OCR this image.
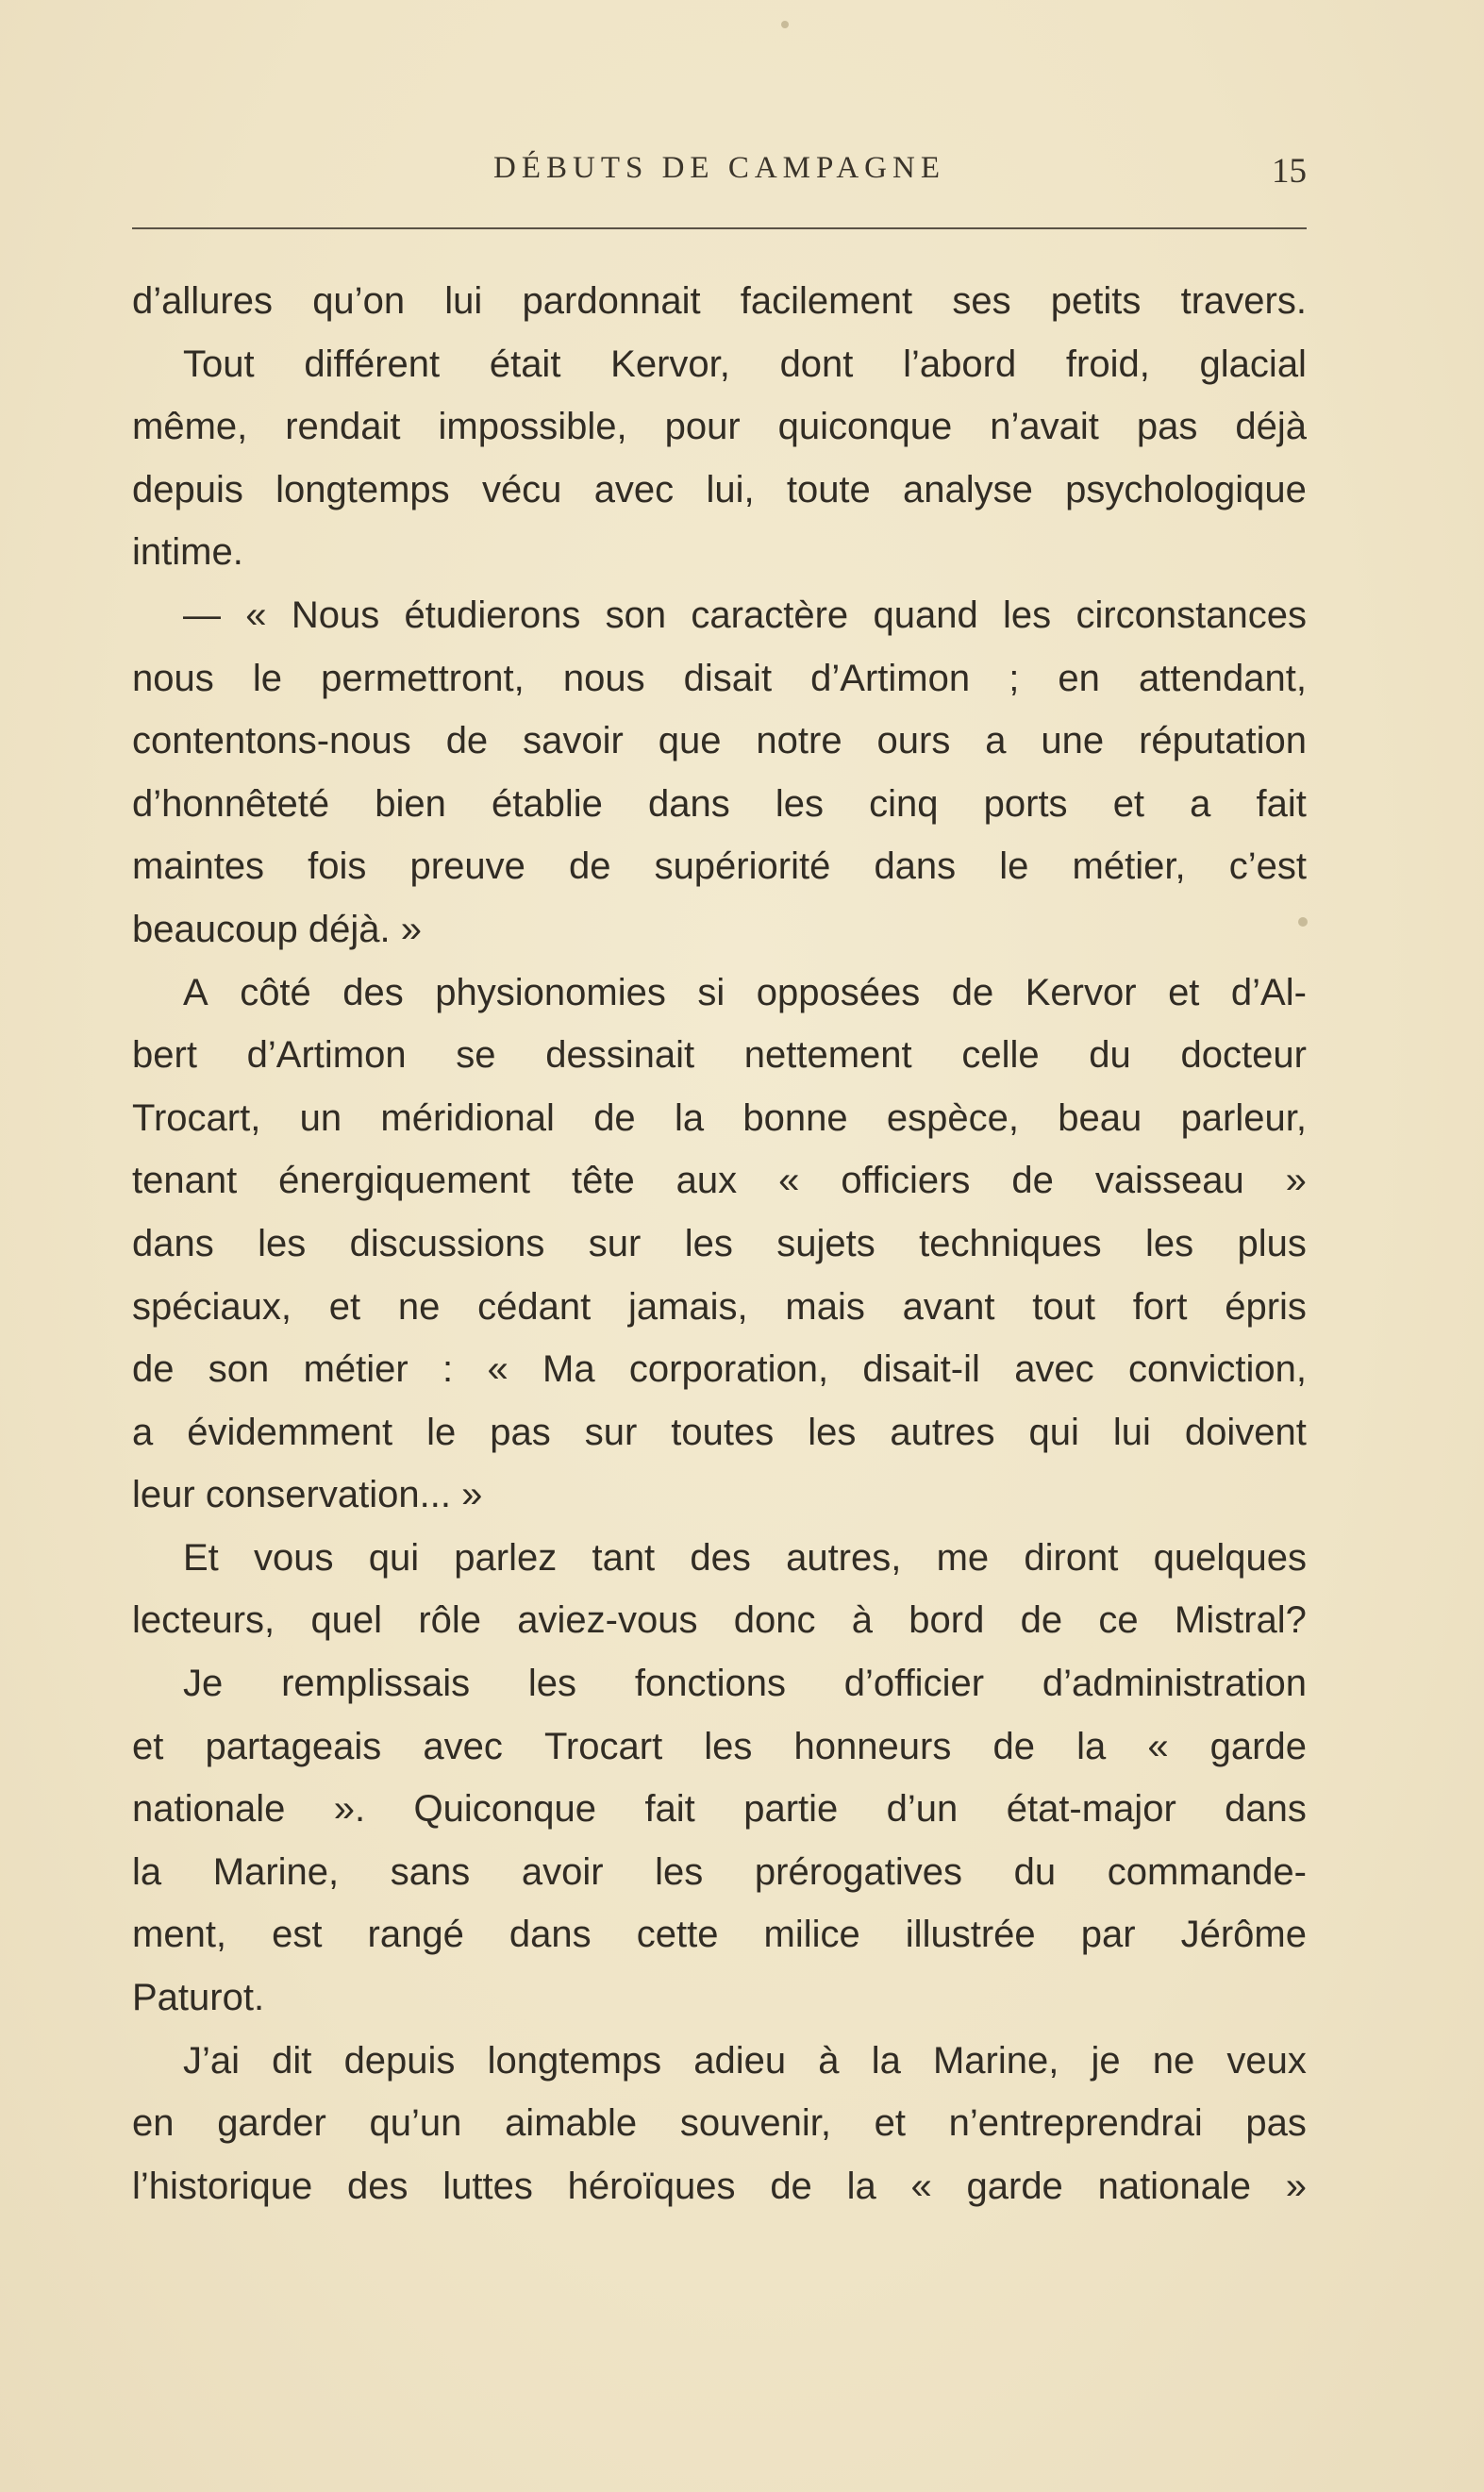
DÉBUTS DE CAMPAGNE	15
d’allures qu’on lui pardonnait facilement ses petits travers.
Tout différent était Kervor, dont l’abord froid, glacial
même, rendait impossible, pour quiconque n’avait pas déjà
depuis longtemps vécu avec lui, toute analyse psychologique
intime.
— « Nous étudierons son caractère quand les circonstances
nous le permettront, nous disait d’Artimon ; en attendant,
contentons-nous de savoir que notre ours a une réputation
d’honnêteté bien établie dans les cinq ports et a fait
maintes fois preuve de supériorité dans le métier, c’est
beaucoup déjà. »
A côté des physionomies si opposées de Kervor et d’Al-
bert d’Artimon se dessinait nettement celle du docteur
Trocart, un méridional de la bonne espèce, beau parleur,
tenant énergiquement tête aux « officiers de vaisseau »
dans les discussions sur les sujets techniques les plus
spéciaux, et ne cédant jamais, mais avant tout fort épris
de son métier : « Ma corporation, disait-il avec conviction,
a évidemment le pas sur toutes les autres qui lui doivent
leur conservation... »
Et vous qui parlez tant des autres, me diront quelques
lecteurs, quel rôle aviez-vous donc à bord de ce Mistral?
Je remplissais les fonctions d’officier d’administration
et partageais avec Trocart les honneurs de la « garde
nationale ». Quiconque fait partie d’un état-major dans
la Marine, sans avoir les prérogatives du commande-
ment, est rangé dans cette milice illustrée par Jérôme
Paturot.
J’ai dit depuis longtemps adieu à la Marine, je ne veux
en garder qu’un aimable souvenir, et n’entreprendrai pas
l’historique des luttes héroïques de la « garde nationale »
